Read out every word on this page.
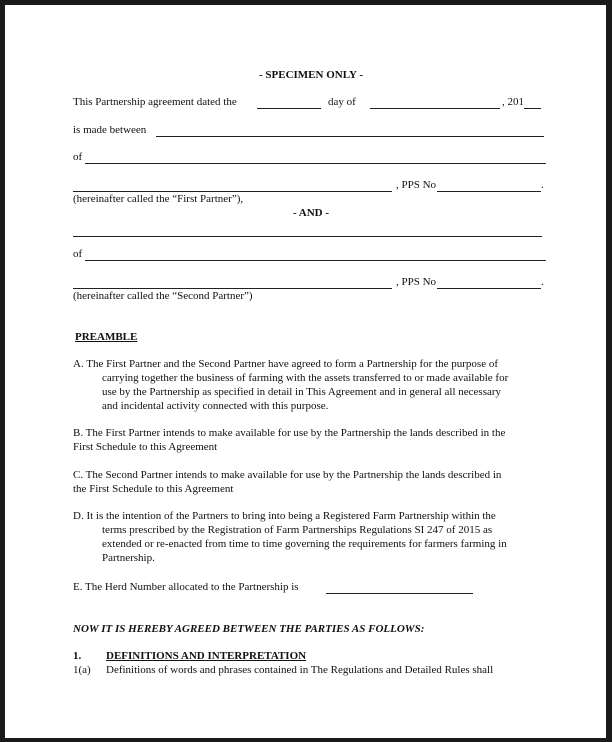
- SPECIMEN ONLY -
This Partnership agreement dated the	day of	, 201
is made between
of
, PPS No	.
(hereinafter called the “First Partner”),
- AND -
of
, PPS No	.
(hereinafter called the “Second Partner”)
PREAMBLE
A. The First Partner and the Second Partner have agreed to form a Partnership for the purpose of
carrying together the business of farming with the assets transferred to or made available for
use by the Partnership as specified in detail in This Agreement and in general all necessary
and incidental activity connected with this purpose.
B. The First Partner intends to make available for use by the Partnership the lands described in the
First Schedule to this Agreement
C. The Second Partner intends to make available for use by the Partnership the lands described in
the First Schedule to this Agreement
D. It is the intention of the Partners to bring into being a Registered Farm Partnership within the
terms prescribed by the Registration of Farm Partnerships Regulations SI 247 of 2015 as
extended or re-enacted from time to time governing the requirements for farmers farming in
Partnership.
E. The Herd Number allocated to the Partnership is
NOW IT IS HEREBY AGREED BETWEEN THE PARTIES AS FOLLOWS:
1. DEFINITIONS AND INTERPRETATION
1(a) Definitions of words and phrases contained in The Regulations and Detailed Rules shall
